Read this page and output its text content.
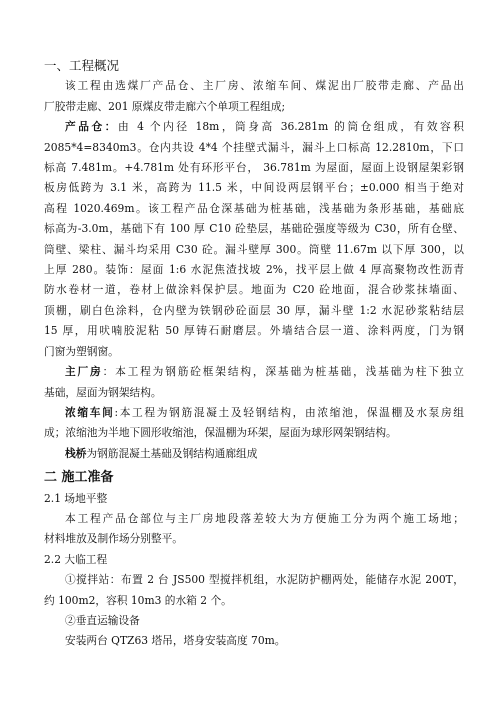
一、工程概况

该工程由选煤厂产品仓、主厂房、浓缩车间、煤泥出厂胶带走廊、产品出

厂胶带走廊、201 原煤皮带走廊六个单项工程组成;

产品仓：由 4 个内径 18m，筒身高 36.281m 的筒仓组成，有效容积

2085*4=8340m3。仓内共设 4*4 个挂壁式漏斗，漏斗上口标高 12.2810m，下口

标高 7.481m。+4.781m 处有环形平台， 36.781m 为屋面，屋面上设钢屋架彩钢

板房低跨为 3.1 米，高跨为 11.5 米，中间设两层钢平台；±0.000 相当于绝对

高程 1020.469m。该工程产品仓深基础为桩基础，浅基础为条形基础，基础底

标高为-3.0m，基础下有 100 厚 C10 砼垫层，基础砼强度等级为 C30，所有仓壁、

筒壁、梁柱、漏斗均采用 C30 砼。漏斗壁厚 300。筒壁 11.67m 以下厚 300，以

上厚 280。装饰：屋面 1:6 水泥焦渣找坡 2%，找平层上做 4 厚高聚物改性沥青

防水卷材一道，卷材上做涂料保护层。地面为 C20 砼地面，混合砂浆抹墙面、

顶棚，刷白色涂料，仓内壁为铁钢砂砼面层 30 厚，漏斗壁 1:2 水泥砂浆粘结层

15 厚，用吠喃胶泥粘 50 厚铸石耐磨层。外墙结合层一道、涂料两度，门为钢

门窗为塑钢窗。

主厂房：本工程为钢筋砼框架结构，深基础为桩基础，浅基础为柱下独立

基础，屋面为钢架结构。

浓缩车间:本工程为钢筋混凝土及轻钢结构，由浓缩池，保温棚及水泵房组

成；浓缩池为半地下圆形收缩池，保温棚为环架，屋面为球形网架钢结构。

栈桥为钢筋混凝土基础及钢结构通廊组成

二 施工准备

2.1 场地平整

本工程产品仓部位与主厂房地段落差较大为方便施工分为两个施工场地；

材料堆放及制作场分别整平。

2.2 大临工程

①搅拌站：布置 2 台 JS500 型搅拌机组，水泥防护棚两处，能储存水泥 200T，

约 100m2，容积 10m3 的水箱 2 个。

②垂直运输设备

安装两台 QTZ63 塔吊，塔身安装高度 70m。
